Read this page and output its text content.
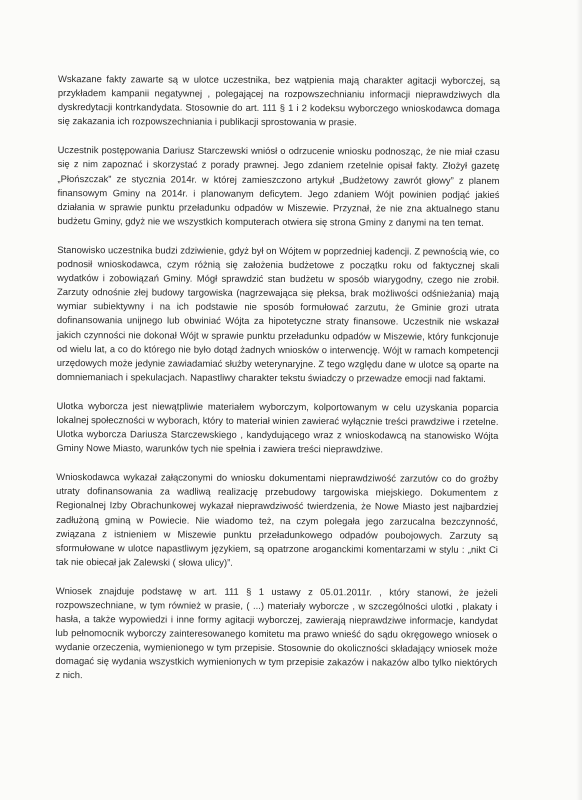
Wskazane fakty zawarte są w ulotce uczestnika, bez wątpienia mają charakter agitacji wyborczej, są przykładem kampanii negatywnej , polegającej na rozpowszechnianiu informacji nieprawdziwych dla dyskredytacji kontrkandydata. Stosownie do art. 111 § 1 i 2 kodeksu wyborczego wnioskodawca domaga się zakazania ich rozpowszechniania i publikacji sprostowania w prasie.

Uczestnik postępowania Dariusz Starczewski wniósł o odrzucenie wniosku podnosząc, że nie miał czasu się z nim zapoznać i skorzystać z porady prawnej. Jego zdaniem rzetelnie opisał fakty. Złożył gazetę „Płońszczak” ze stycznia 2014r. w której zamieszczono artykuł „Budżetowy zawrót głowy” z planem finansowym Gminy na 2014r. i planowanym deficytem. Jego zdaniem Wójt powinien podjąć jakieś działania w sprawie punktu przeładunku odpadów w Miszewie. Przyznał, że nie zna aktualnego stanu budżetu Gminy, gdyż nie we wszystkich komputerach otwiera się strona Gminy z danymi na ten temat.

Stanowisko uczestnika budzi zdziwienie, gdyż był on Wójtem w poprzedniej kadencji. Z pewnością wie, co podnosił wnioskodawca, czym różnią się założenia budżetowe z początku roku od faktycznej skali wydatków i zobowiązań Gminy. Mógł sprawdzić stan budżetu w sposób wiarygodny, czego nie zrobił. Zarzuty odnośnie złej budowy targowiska (nagrzewająca się płeksa, brak możliwości odśnieżania) mają wymiar subiektywny i na ich podstawie nie sposób formułować zarzutu, że Gminie grozi utrata dofinansowania unijnego lub obwiniać Wójta za hipotetyczne straty finansowe. Uczestnik nie wskazał jakich czynności nie dokonał Wójt w sprawie punktu przeładunku odpadów w Miszewie, który funkcjonuje od wielu lat, a co do którego nie było dotąd żadnych wniosków o interwencję. Wójt w ramach kompetencji urzędowych może jedynie zawiadamiać służby weterynaryjne. Z tego względu dane w ulotce są oparte na domniemaniach i spekulacjach. Napastliwy charakter tekstu świadczy o przewadze emocji nad faktami.

Ulotka wyborcza jest niewątpliwie materiałem wyborczym, kolportowanym w celu uzyskania poparcia lokalnej społeczności w wyborach, który to materiał winien zawierać wyłącznie treści prawdziwe i rzetelne. Ulotka wyborcza Dariusza Starczewskiego , kandydującego wraz z wnioskodawcą na stanowisko Wójta Gminy Nowe Miasto, warunków tych nie spełnia i zawiera treści nieprawdziwe.

Wnioskodawca wykazał załączonymi do wniosku dokumentami nieprawdziwość zarzutów co do groźby utraty dofinansowania za wadliwą realizację przebudowy targowiska miejskiego. Dokumentem z Regionalnej Izby Obrachunkowej wykazał nieprawdziwość twierdzenia, że Nowe Miasto jest najbardziej zadłużoną gminą w Powiecie. Nie wiadomo też, na czym polegała jego zarzucalna bezczynność, związana z istnieniem w Miszewie punktu przeładunkowego odpadów poubojowych. Zarzuty są sformułowane w ulotce napastliwym językiem, są opatrzone aroganckimi komentarzami w stylu : „nikt Ci tak nie obiecał jak Zalewski ( słowa ulicy)”.

Wniosek znajduje podstawę w art. 111 § 1 ustawy z 05.01.2011r. , który stanowi, że jeżeli rozpowszechniane, w tym również w prasie, ( ...) materiały wyborcze , w szczególności ulotki , plakaty i hasła, a także wypowiedzi i inne formy agitacji wyborczej, zawierają nieprawdziwe informacje, kandydat lub pełnomocnik wyborczy zainteresowanego komitetu ma prawo wnieść do sądu okręgowego wniosek o wydanie orzeczenia, wymienionego w tym przepisie. Stosownie do okoliczności składający wniosek może domagać się wydania wszystkich wymienionych w tym przepisie zakazów i nakazów albo tylko niektórych z nich.
